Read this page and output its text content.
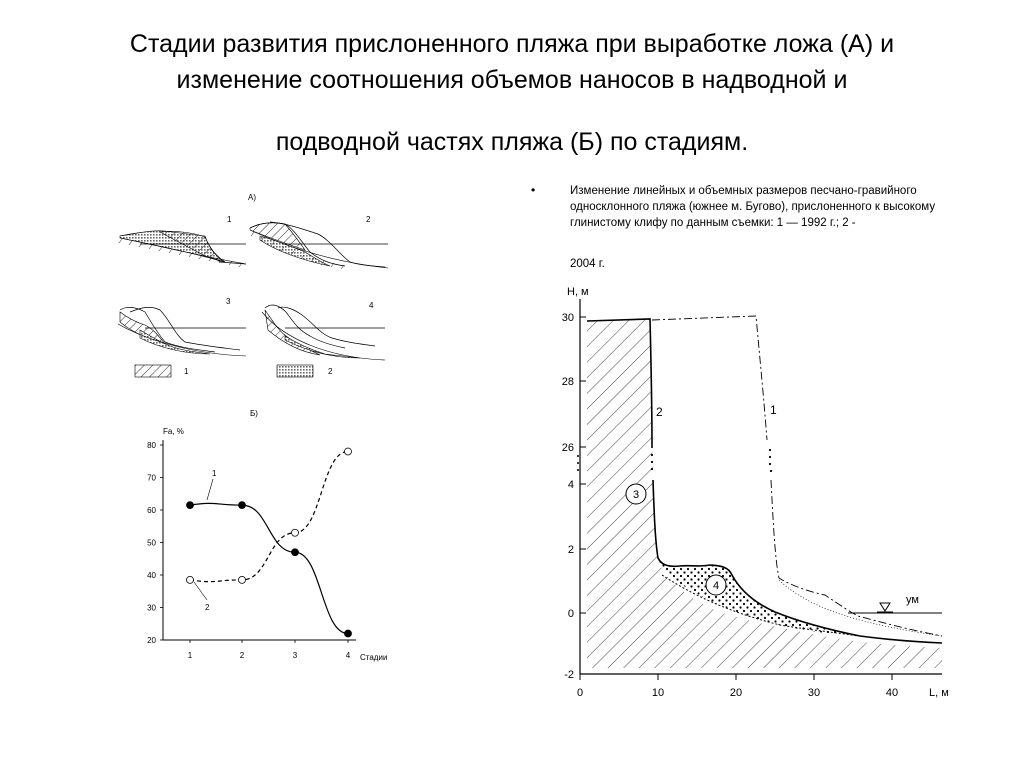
Стадии развития прислоненного пляжа при выработке ложа (А) и
изменение соотношения объемов наносов в надводной и
подводной частях пляжа (Б) по стадиям.
•	Изменение линейных и объемных размеров песчано-гравийного односклонного пляжа (южнее м. Бугово), прислоненного к высокому глинистому клифу по данным съемки: 1 — 1992 г.; 2 -
2004 г.
А)
1	2
3	4
1	2
Б)
Fa, %
Стадии
20
30
40
50
60
70
80
1	2	3	4
1
2
H, м
L, м
30
28
26
4
2
0
-2
0	10	20	30	40
ум
2	1
3
4
